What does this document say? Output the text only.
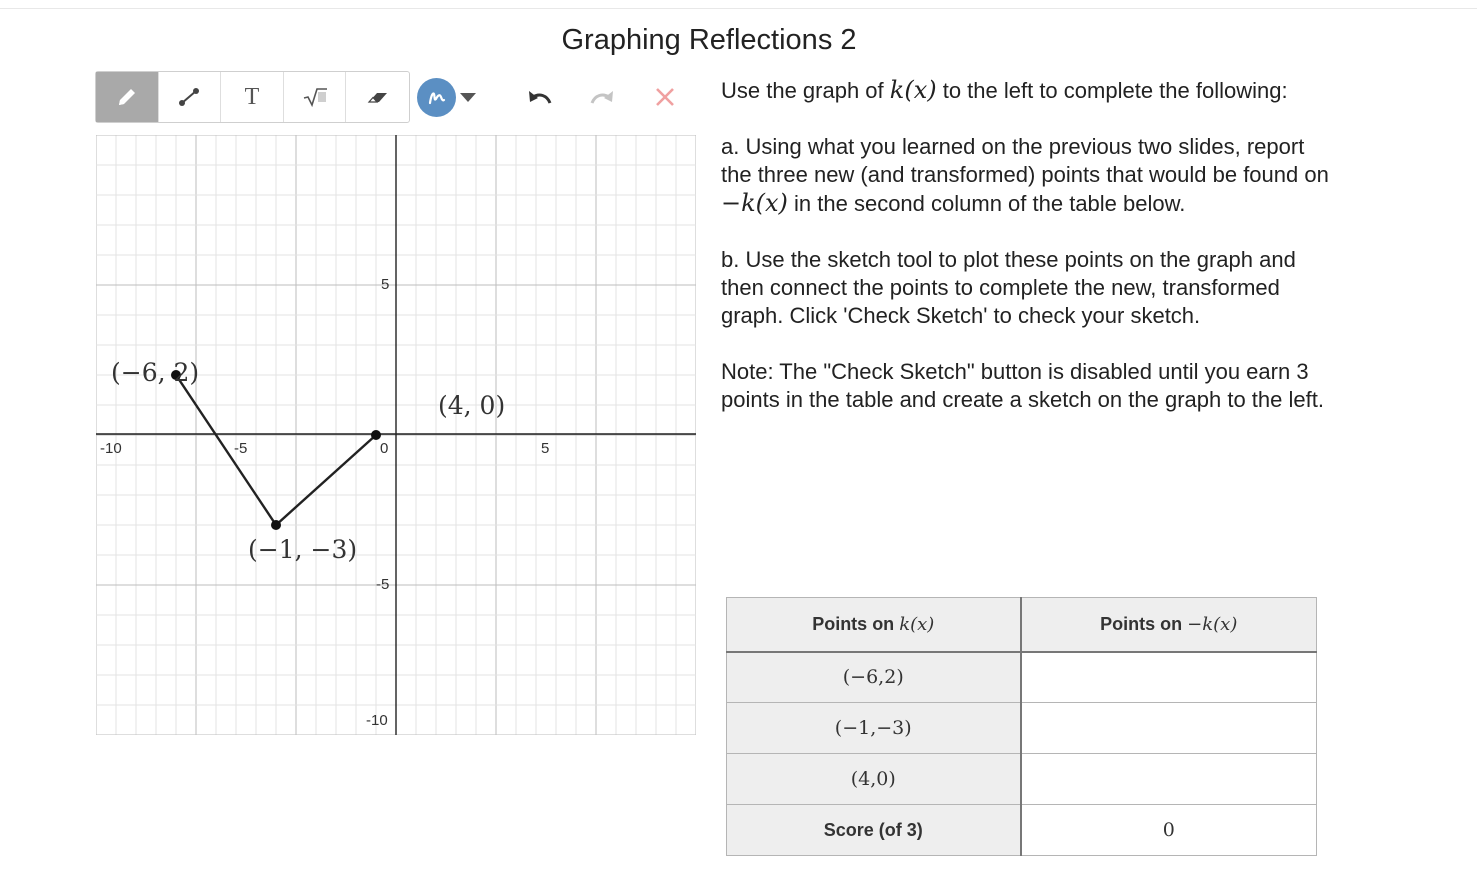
Graphing Reflections 2
T
-10	-5	0	5
5
-5
-10
(−6, 2)
(4, 0)
(−1, −3)

Use the graph of k(x) to the left to complete the following:

a. Using what you learned on the previous two slides, report the three new (and transformed) points that would be found on −k(x) in the second column of the table below.

b. Use the sketch tool to plot these points on the graph and then connect the points to complete the new, transformed graph. Click 'Check Sketch' to check your sketch.

Note: The "Check Sketch" button is disabled until you earn 3 points in the table and create a sketch on the graph to the left.

Points on k(x)	Points on −k(x)
(−6,2)	
(−1,−3)	
(4,0)	
Score (of 3)	0
